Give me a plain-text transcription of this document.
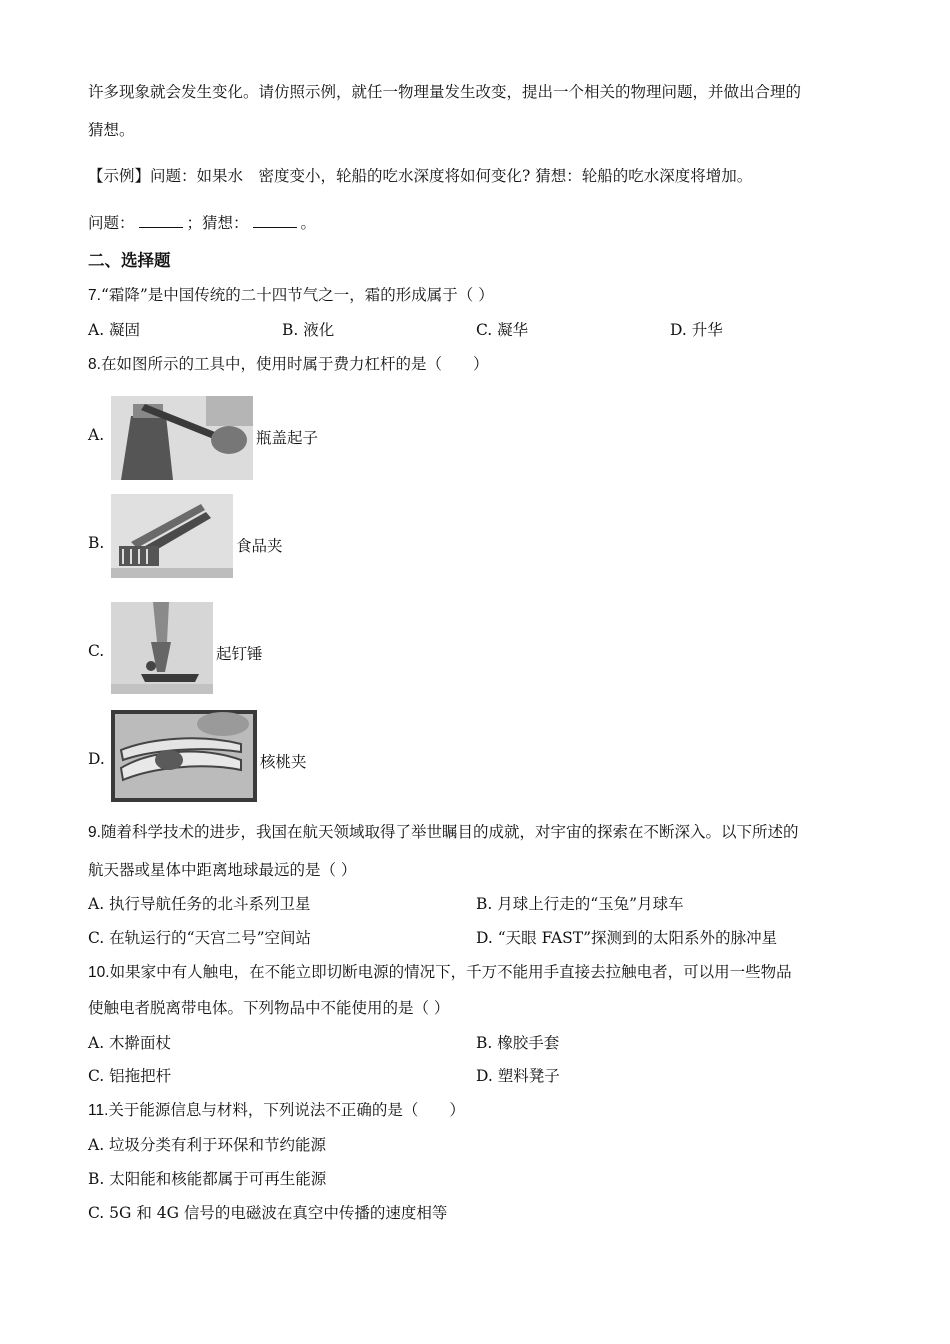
许多现象就会发生变化。请仿照示例，就任一物理量发生改变，提出一个相关的物理问题，并做出合理的
猜想。
【示例】问题：如果水　密度变小，轮船的吃水深度将如何变化? 猜想：轮船的吃水深度将增加。
问题：	；猜想：	。
二、选择题
7.“霜降”是中国传统的二十四节气之一，霜的形成属于（ ）
A. 凝固	B. 液化	C. 凝华	D. 升华
8.在如图所示的工具中，使用时属于费力杠杆的是（　　）
A.	瓶盖起子
B.	食品夹
C.	起钉锤
D.	核桃夹
9.随着科学技术的进步，我国在航天领域取得了举世瞩目的成就，对宇宙的探索在不断深入。以下所述的
航天器或星体中距离地球最远的是（ ）
A. 执行导航任务的北斗系列卫星	B. 月球上行走的“玉兔”月球车
C. 在轨运行的“天宫二号”空间站	D. “天眼 FAST”探测到的太阳系外的脉冲星
10.如果家中有人触电，在不能立即切断电源的情况下，千万不能用手直接去拉触电者，可以用一些物品
使触电者脱离带电体。下列物品中不能使用的是（ ）
A. 木擀面杖	B. 橡胶手套
C. 铝拖把杆	D. 塑料凳子
11.关于能源信息与材料，下列说法不正确的是（　　）
A. 垃圾分类有利于环保和节约能源
B. 太阳能和核能都属于可再生能源
C. 5G 和 4G 信号的电磁波在真空中传播的速度相等
